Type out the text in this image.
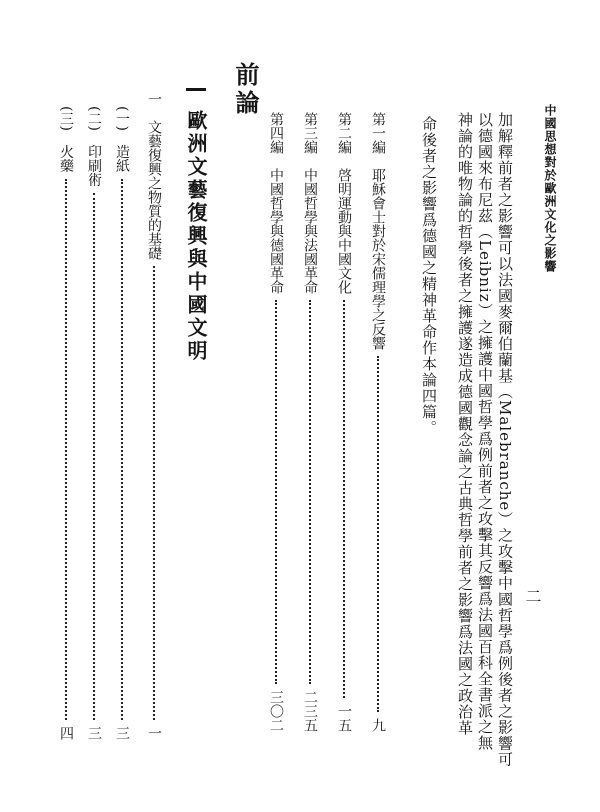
中國思想對於歐洲文化之影響
二
加解釋前者之影響可以法國麥爾伯蘭基（Malebranche）之攻擊中國哲學爲例後者之影響可
以德國來布尼茲（Leibniz）之擁護中國哲學爲例前者之攻擊其反響爲法國百科全書派之無
神論的唯物論的哲學後者之擁護遂造成德國觀念論之古典哲學前者之影響爲法國之政治革
命後者之影響爲德國之精神革命作本論四篇。
第一編　耶穌會士對於宋儒理學之反響
九
第二編　啓明運動與中國文化
一五
第三編　中國哲學與法國革命
二三五
第四編　中國哲學與德國革命
三〇二
前論
歐洲文藝復興與中國文明
一　文藝復興之物質的基礎
一
(一)　造紙
三
(二)　印刷術
三
(三)　火藥
四
